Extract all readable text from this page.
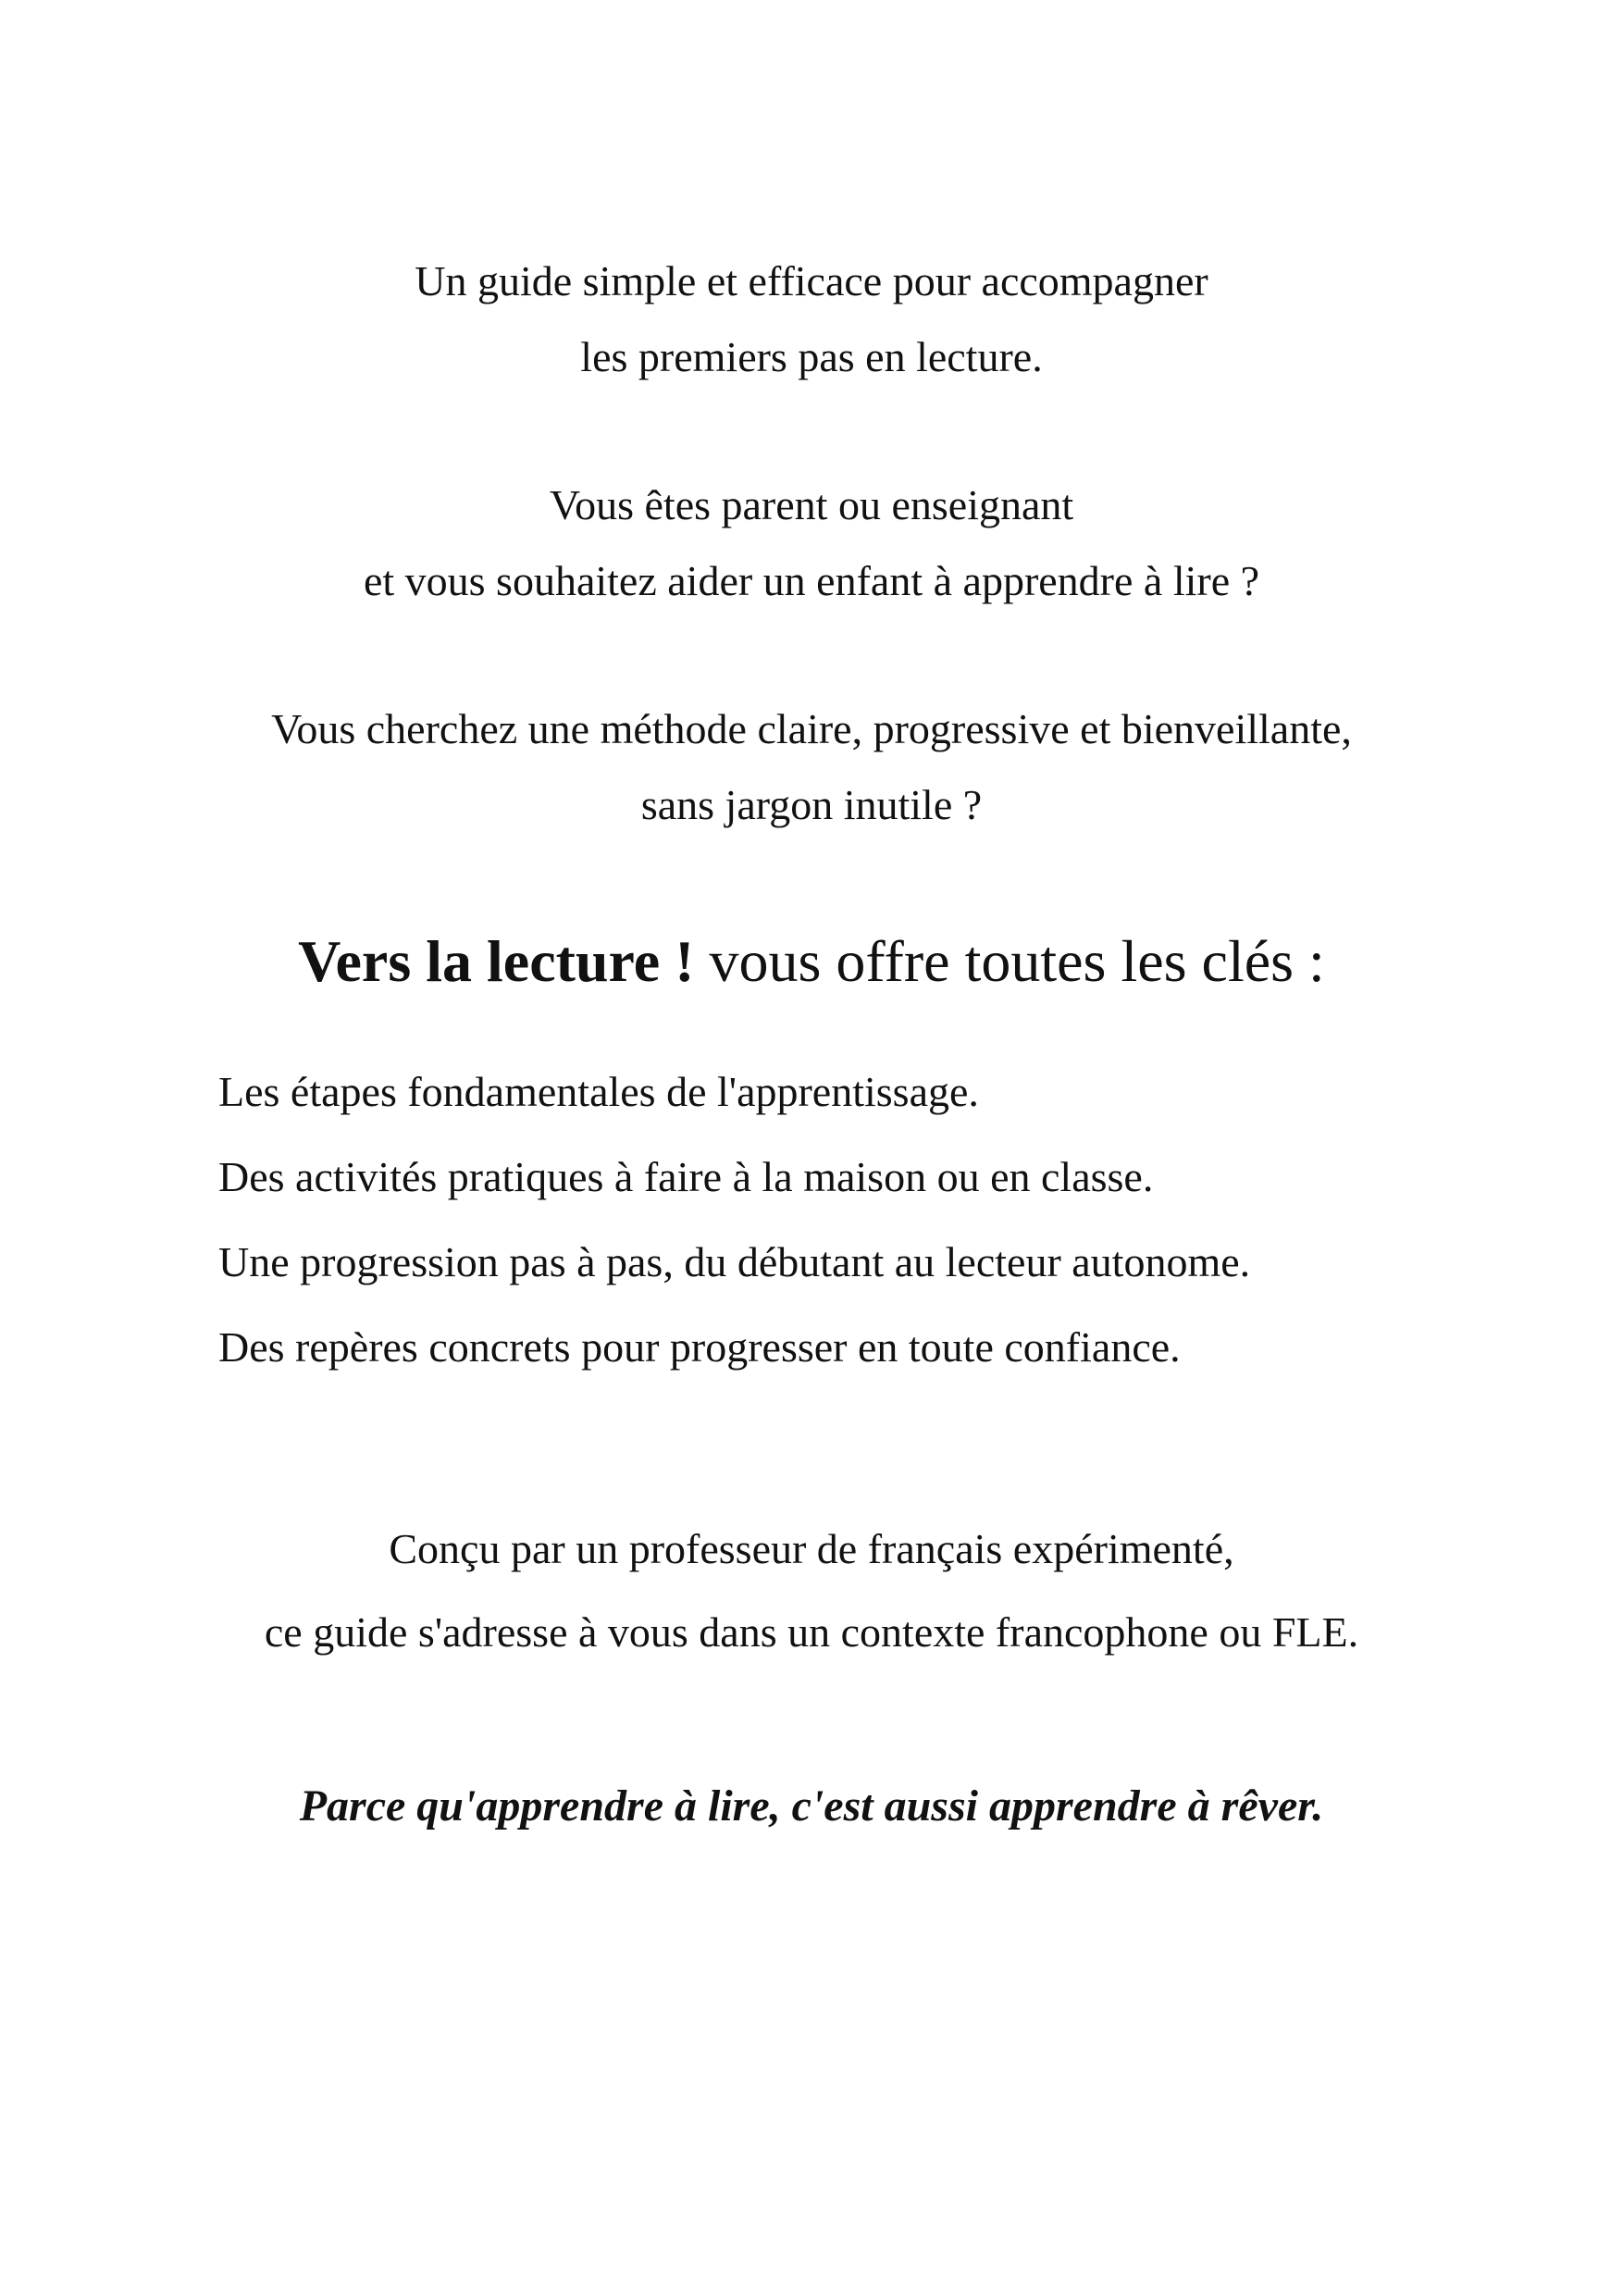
Un guide simple et efficace pour accompagner
les premiers pas en lecture.
Vous êtes parent ou enseignant
et vous souhaitez aider un enfant à apprendre à lire ?
Vous cherchez une méthode claire, progressive et bienveillante,
sans jargon inutile ?
Vers la lecture ! vous offre toutes les clés :
Les étapes fondamentales de l'apprentissage.
Des activités pratiques à faire à la maison ou en classe.
Une progression pas à pas, du débutant au lecteur autonome.
Des repères concrets pour progresser en toute confiance.
Conçu par un professeur de français expérimenté,
ce guide s'adresse à vous dans un contexte francophone ou FLE.
Parce qu'apprendre à lire, c'est aussi apprendre à rêver.
